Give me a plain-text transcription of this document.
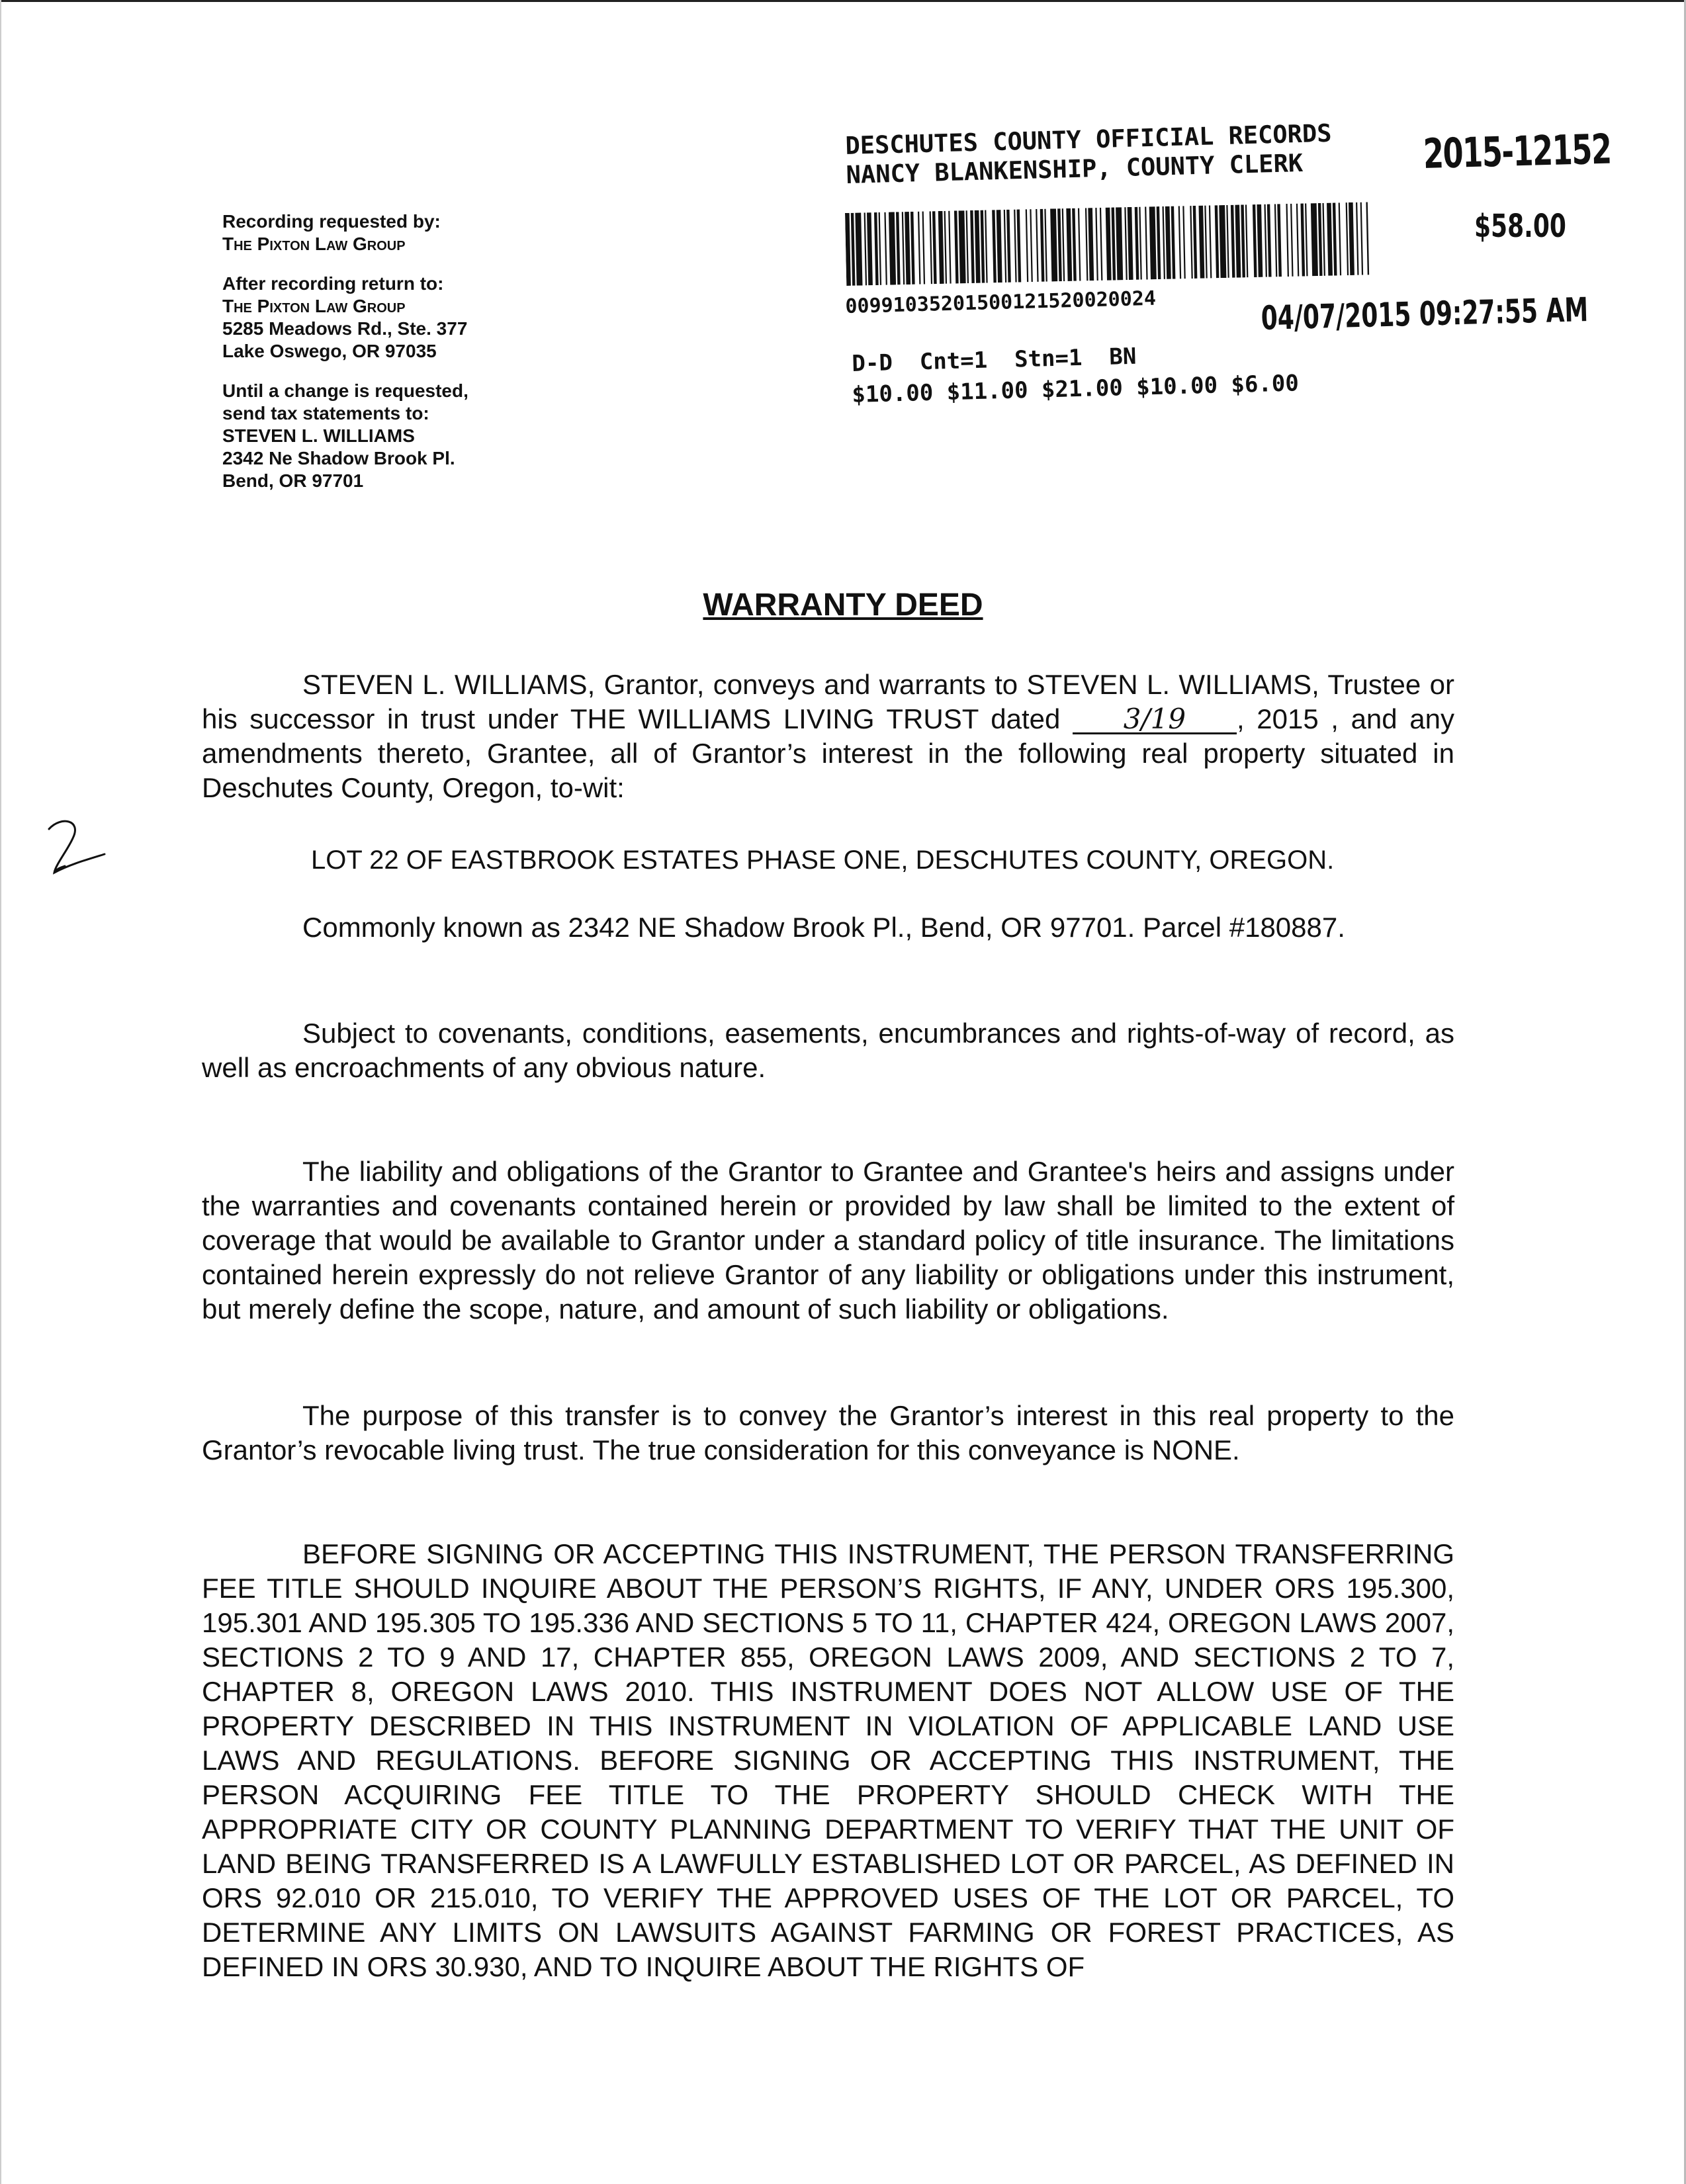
Recording requested by:
The Pixton Law Group
After recording return to:
The Pixton Law Group
5285 Meadows Rd., Ste. 377
Lake Oswego, OR 97035
Until a change is requested,
send tax statements to:
STEVEN L. WILLIAMS
2342 Ne Shadow Brook Pl.
Bend, OR 97701
DESCHUTES COUNTY OFFICIAL RECORDS
NANCY BLANKENSHIP, COUNTY CLERK	2015-12152
$58.00
00991035201500121520020024	04/07/2015 09:27:55 AM
D-D  Cnt=1  Stn=1  BN
$10.00 $11.00 $21.00 $10.00 $6.00
WARRANTY DEED
STEVEN L. WILLIAMS, Grantor, conveys and warrants to STEVEN L. WILLIAMS, Trustee or his successor in trust under THE WILLIAMS LIVING TRUST dated 3/19 , 2015 , and any amendments thereto, Grantee, all of Grantor’s interest in the following real property situated in Deschutes County, Oregon, to-wit:
LOT 22 OF EASTBROOK ESTATES PHASE ONE, DESCHUTES COUNTY, OREGON.
Commonly known as 2342 NE Shadow Brook Pl., Bend, OR 97701. Parcel #180887.
Subject to covenants, conditions, easements, encumbrances and rights-of-way of record, as well as encroachments of any obvious nature.
The liability and obligations of the Grantor to Grantee and Grantee's heirs and assigns under the warranties and covenants contained herein or provided by law shall be limited to the extent of coverage that would be available to Grantor under a standard policy of title insurance. The limitations contained herein expressly do not relieve Grantor of any liability or obligations under this instrument, but merely define the scope, nature, and amount of such liability or obligations.
The purpose of this transfer is to convey the Grantor’s interest in this real property to the Grantor’s revocable living trust. The true consideration for this conveyance is NONE.
BEFORE SIGNING OR ACCEPTING THIS INSTRUMENT, THE PERSON TRANSFERRING FEE TITLE SHOULD INQUIRE ABOUT THE PERSON’S RIGHTS, IF ANY, UNDER ORS 195.300, 195.301 AND 195.305 TO 195.336 AND SECTIONS 5 TO 11, CHAPTER 424, OREGON LAWS 2007, SECTIONS 2 TO 9 AND 17, CHAPTER 855, OREGON LAWS 2009, AND SECTIONS 2 TO 7, CHAPTER 8, OREGON LAWS 2010. THIS INSTRUMENT DOES NOT ALLOW USE OF THE PROPERTY DESCRIBED IN THIS INSTRUMENT IN VIOLATION OF APPLICABLE LAND USE LAWS AND REGULATIONS. BEFORE SIGNING OR ACCEPTING THIS INSTRUMENT, THE PERSON ACQUIRING FEE TITLE TO THE PROPERTY SHOULD CHECK WITH THE APPROPRIATE CITY OR COUNTY PLANNING DEPARTMENT TO VERIFY THAT THE UNIT OF LAND BEING TRANSFERRED IS A LAWFULLY ESTABLISHED LOT OR PARCEL, AS DEFINED IN ORS 92.010 OR 215.010, TO VERIFY THE APPROVED USES OF THE LOT OR PARCEL, TO DETERMINE ANY LIMITS ON LAWSUITS AGAINST FARMING OR FOREST PRACTICES, AS DEFINED IN ORS 30.930, AND TO INQUIRE ABOUT THE RIGHTS OF
